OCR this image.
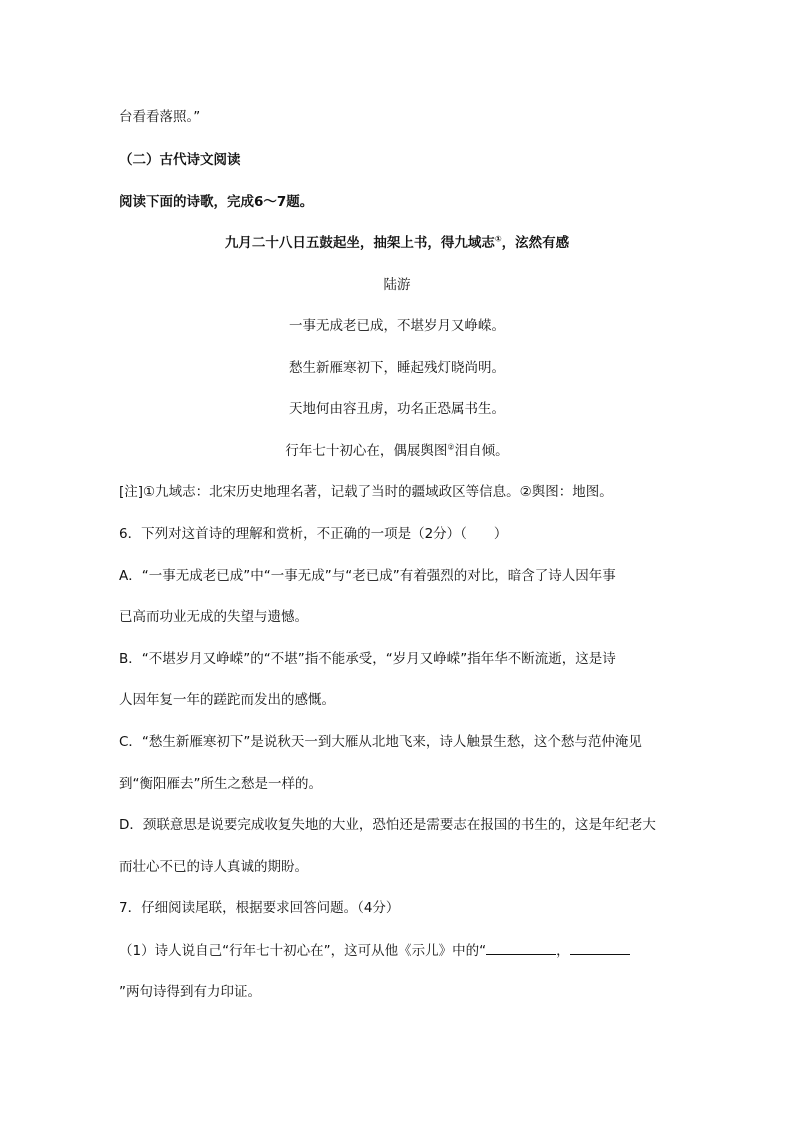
台看看落照。”
（二）古代诗文阅读
阅读下面的诗歌，完成6～7题。
九月二十八日五鼓起坐，抽架上书，得九域志①，泫然有感
陆游
一事无成老已成，不堪岁月又峥嵘。
愁生新雁寒初下，睡起残灯晓尚明。
天地何由容丑虏，功名正恐属书生。
行年七十初心在，偶展舆图②泪自倾。
[注]①九域志：北宋历史地理名著，记载了当时的疆域政区等信息。②舆图：地图。
6．下列对这首诗的理解和赏析，不正确的一项是（2分）（　　）
A．“一事无成老已成”中“一事无成”与“老已成”有着强烈的对比，暗含了诗人因年事
已高而功业无成的失望与遗憾。
B．“不堪岁月又峥嵘”的“不堪”指不能承受，“岁月又峥嵘”指年华不断流逝，这是诗
人因年复一年的蹉跎而发出的感慨。
C．“愁生新雁寒初下”是说秋天一到大雁从北地飞来，诗人触景生愁，这个愁与范仲淹见
到“衡阳雁去”所生之愁是一样的。
D．颈联意思是说要完成收复失地的大业，恐怕还是需要志在报国的书生的，这是年纪老大
而壮心不已的诗人真诚的期盼。
7．仔细阅读尾联，根据要求回答问题。（4分）
（1）诗人说自己“行年七十初心在”，这可从他《示儿》中的“	，
”两句诗得到有力印证。
